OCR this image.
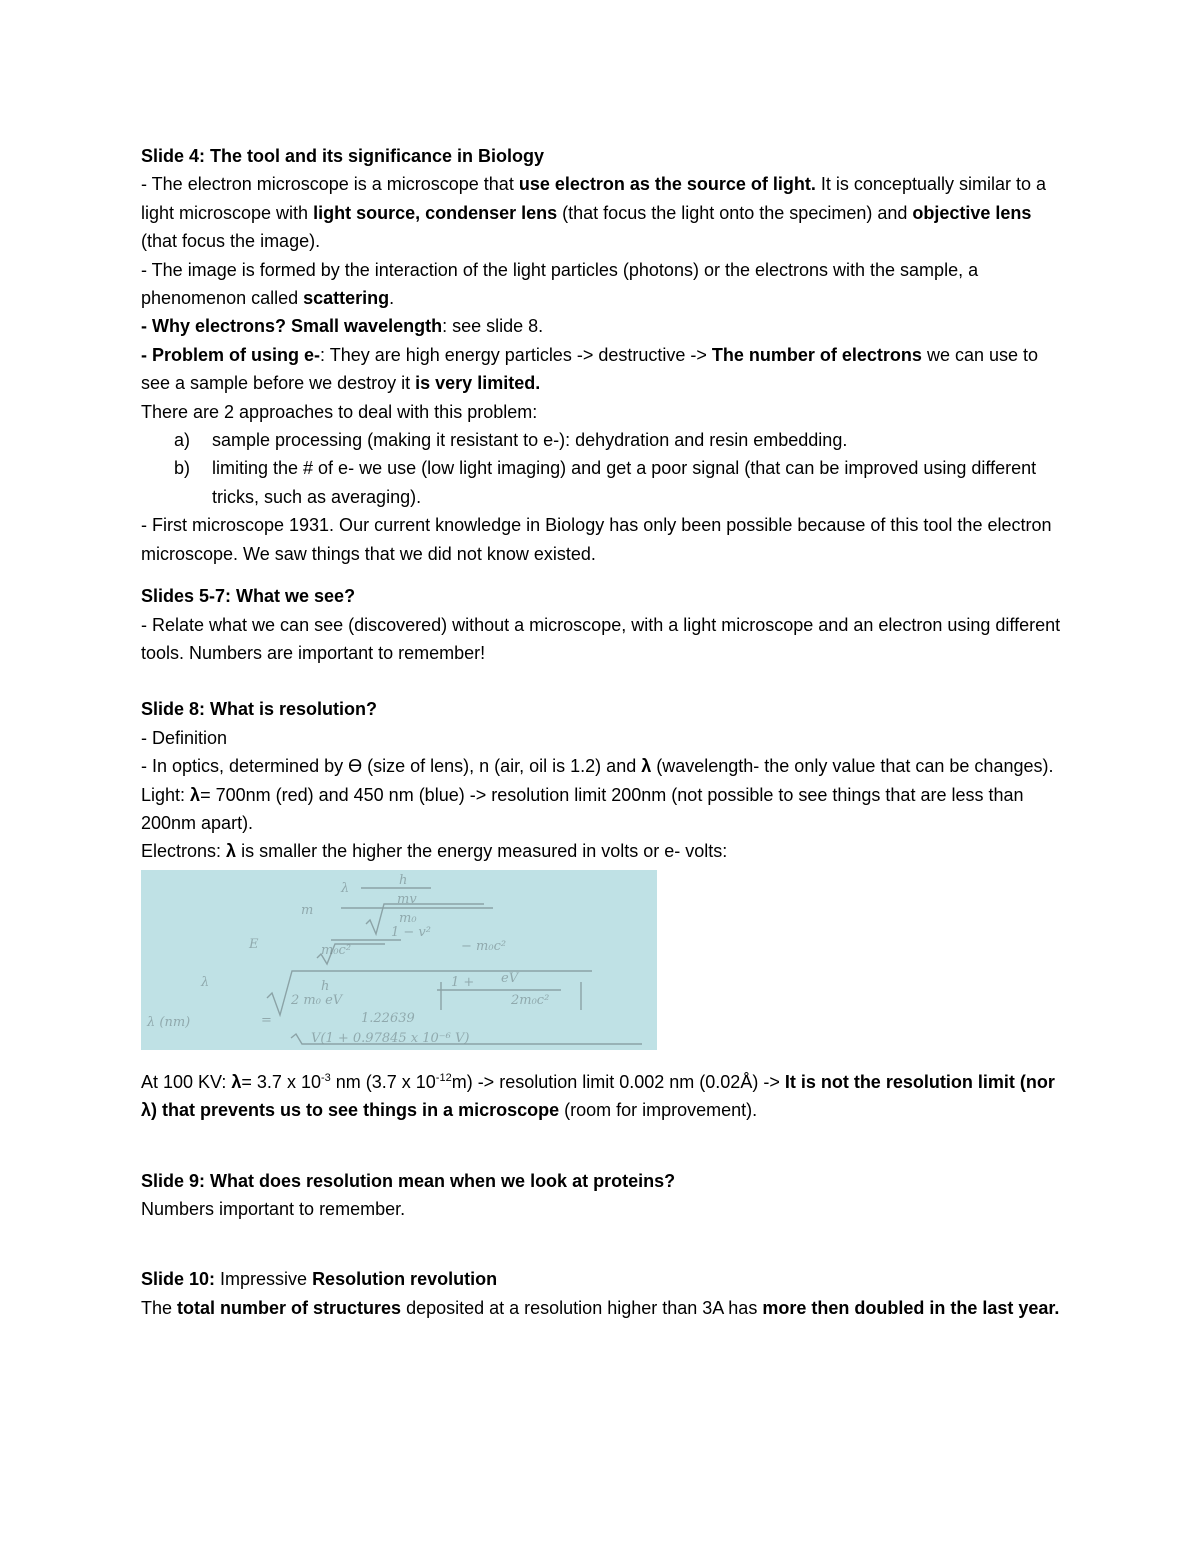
Slide 4: The tool and its significance in Biology

- The electron microscope is a microscope that use electron as the source of light. It is conceptually similar to a light microscope with light source, condenser lens (that focus the light onto the specimen) and objective lens (that focus the image).

- The image is formed by the interaction of the light particles (photons) or the electrons with the sample, a phenomenon called scattering.

- Why electrons? Small wavelength: see slide 8.

- Problem of using e-: They are high energy particles -> destructive -> The number of electrons we can use to see a sample before we destroy it is very limited.

There are 2 approaches to deal with this problem:

a) sample processing (making it resistant to e-): dehydration and resin embedding.
b) limiting the # of e- we use (low light imaging) and get a poor signal (that can be improved using different tricks, such as averaging).

- First microscope 1931. Our current knowledge in Biology has only been possible because of this tool the electron microscope. We saw things that we did not know existed.

Slides 5-7: What we see?

- Relate what we can see (discovered) without a microscope, with a light microscope and an electron using different tools. Numbers are important to remember!

Slide 8: What is resolution?

- Definition

- In optics, determined by ϴ (size of lens), n (air, oil is 1.2) and λ (wavelength- the only value that can be changes).

Light: λ= 700nm (red) and 450 nm (blue) -> resolution limit 200nm (not possible to see things that are less than 200nm apart).

Electrons: λ is smaller the higher the energy measured in volts or e- volts:

λ
h
mv
m
m₀
1 − v²
E	m₀c²	− m₀c²
λ	h
2 m₀ eV
1 + eV
2m₀c²
λ (nm)	=	1.22639
V(1 + 0.97845 x 10⁻⁶ V)

At 100 KV: λ= 3.7 x $10^{-3}$ nm (3.7 x $10^{-12}m$) -> resolution limit 0.002 nm (0.02Å) -> It is not the resolution limit (nor λ) that prevents us to see things in a microscope (room for improvement).

Slide 9: What does resolution mean when we look at proteins?

Numbers important to remember.

Slide 10: Impressive Resolution revolution

The total number of structures deposited at a resolution higher than 3A has more then doubled in the last year.
